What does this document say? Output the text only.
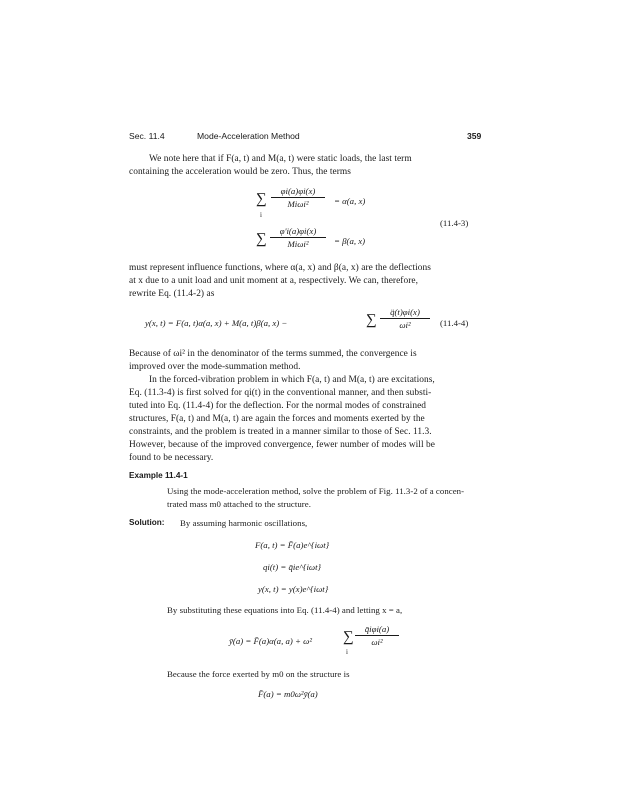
Sec. 11.4	Mode-Acceleration Method	359
We note here that if F(a, t) and M(a, t) were static loads, the last term
containing the acceleration would be zero. Thus, the terms
∑
i
φi(a)φi(x)
Miωi²	= α(a, x)
(11.4-3)
∑	φ'i(a)φi(x)
Miωi²	= β(a, x)
must represent influence functions, where α(a, x) and β(a, x) are the deflections
at x due to a unit load and unit moment at a, respectively. We can, therefore,
rewrite Eq. (11.4-2) as
y(x, t) = F(a, t)α(a, x) + M(a, t)β(a, x) −	∑	q̈(t)φi(x)
ωi²	(11.4-4)
Because of ωi² in the denominator of the terms summed, the convergence is
improved over the mode-summation method.
In the forced-vibration problem in which F(a, t) and M(a, t) are excitations,
Eq. (11.3-4) is first solved for qi(t) in the conventional manner, and then substi-
tuted into Eq. (11.4-4) for the deflection. For the normal modes of constrained
structures, F(a, t) and M(a, t) are again the forces and moments exerted by the
constraints, and the problem is treated in a manner similar to those of Sec. 11.3.
However, because of the improved convergence, fewer number of modes will be
found to be necessary.
Example 11.4-1
Using the mode-acceleration method, solve the problem of Fig. 11.3-2 of a concen-
trated mass m0 attached to the structure.
Solution: By assuming harmonic oscillations,
F(a, t) = F̄(a)e^{iωt}
qi(t) = q̄ie^{iωt}
y(x, t) = y(x)e^{iωt}
By substituting these equations into Eq. (11.4-4) and letting x = a,
ȳ(a) = F̄(a)α(a, a) + ω² ∑
i
q̄iφi(a)
ωi²
Because the force exerted by m0 on the structure is
F̄(a) = m0ω²ȳ(a)
